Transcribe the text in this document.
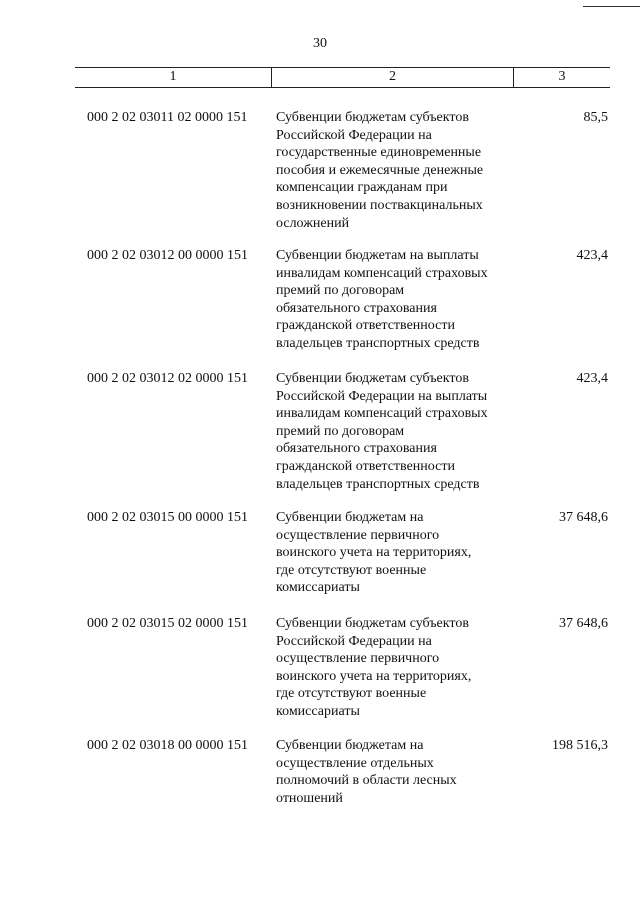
30
1	2	3
000 2 02 03011 02 0000 151 Субвенции бюджетам субъектов
Российской Федерации на
государственные единовременные
пособия и ежемесячные денежные
компенсации гражданам при
возникновении поствакцинальных
осложнений
85,5
000 2 02 03012 00 0000 151 Субвенции бюджетам на выплаты
инвалидам компенсаций страховых
премий по договорам
обязательного страхования
гражданской ответственности
владельцев транспортных средств
423,4
000 2 02 03012 02 0000 151 Субвенции бюджетам субъектов
Российской Федерации на выплаты
инвалидам компенсаций страховых
премий по договорам
обязательного страхования
гражданской ответственности
владельцев транспортных средств
423,4
000 2 02 03015 00 0000 151 Субвенции бюджетам на
осуществление первичного
воинского учета на территориях,
где отсутствуют военные
комиссариаты
37 648,6
000 2 02 03015 02 0000 151 Субвенции бюджетам субъектов
Российской Федерации на
осуществление первичного
воинского учета на территориях,
где отсутствуют военные
комиссариаты
37 648,6
000 2 02 03018 00 0000 151 Субвенции бюджетам на
осуществление отдельных
полномочий в области лесных
отношений
198 516,3
